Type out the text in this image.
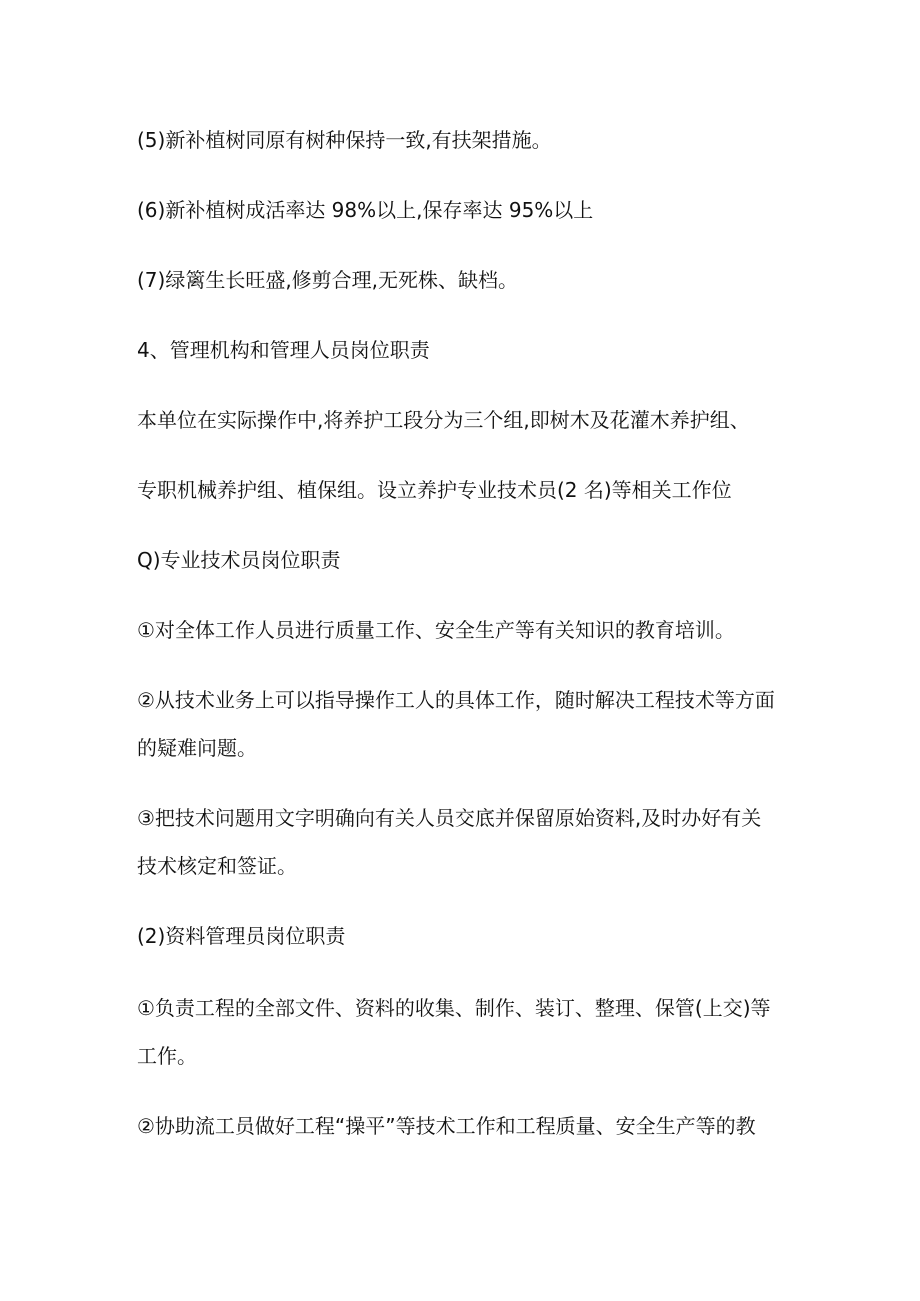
(5)新补植树同原有树种保持一致,有扶架措施。
(6)新补植树成活率达 98%以上,保存率达 95%以上
(7)绿篱生长旺盛,修剪合理,无死株、缺档。
4、管理机构和管理人员岗位职责
本单位在实际操作中,将养护工段分为三个组,即树木及花灌木养护组、
专职机械养护组、植保组。设立养护专业技术员(2 名)等相关工作位
Q)专业技术员岗位职责
①对全体工作人员进行质量工作、安全生产等有关知识的教育培训。
②从技术业务上可以指导操作工人的具体工作，随时解决工程技术等方面
的疑难问题。
③把技术问题用文字明确向有关人员交底并保留原始资料,及时办好有关
技术核定和签证。
(2)资料管理员岗位职责
①负责工程的全部文件、资料的收集、制作、装订、整理、保管(上交)等
工作。
②协助流工员做好工程“操平”等技术工作和工程质量、安全生产等的教
